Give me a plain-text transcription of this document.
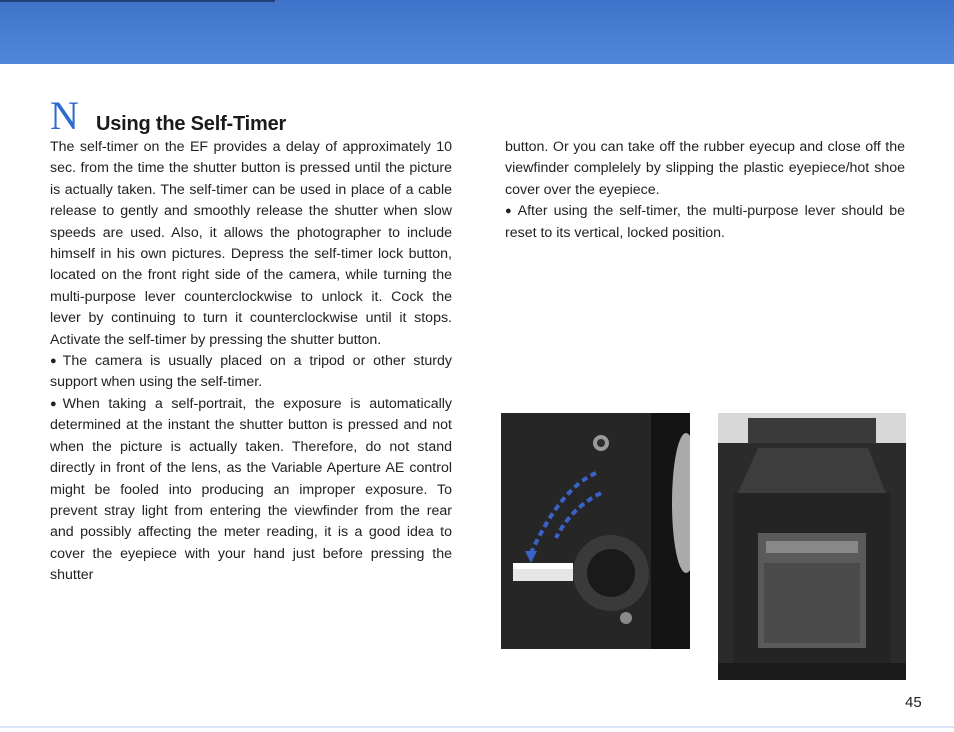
N Using the Self-Timer

The self-timer on the EF provides a delay of approximately 10 sec. from the time the shutter button is pressed until the picture is actually taken. The self-timer can be used in place of a cable release to gently and smoothly release the shutter when slow speeds are used. Also, it allows the photographer to include himself in his own pictures. Depress the self-timer lock button, located on the front right side of the camera, while turning the multi-purpose lever counterclockwise to unlock it. Cock the lever by continuing to turn it counterclockwise until it stops. Activate the self-timer by pressing the shutter button.

● The camera is usually placed on a tripod or other sturdy support when using the self-timer.

● When taking a self-portrait, the exposure is automatically determined at the instant the shutter button is pressed and not when the picture is actually taken. Therefore, do not stand directly in front of the lens, as the Variable Aperture AE control might be fooled into producing an improper exposure. To prevent stray light from entering the viewfinder from the rear and possibly affecting the meter reading, it is a good idea to cover the eyepiece with your hand just before pressing the shutter

button. Or you can take off the rubber eyecup and close off the viewfinder complelely by slipping the plastic eyepiece/hot shoe cover over the eyepiece.

● After using the self-timer, the multi-purpose lever should be reset to its vertical, locked position.

45
